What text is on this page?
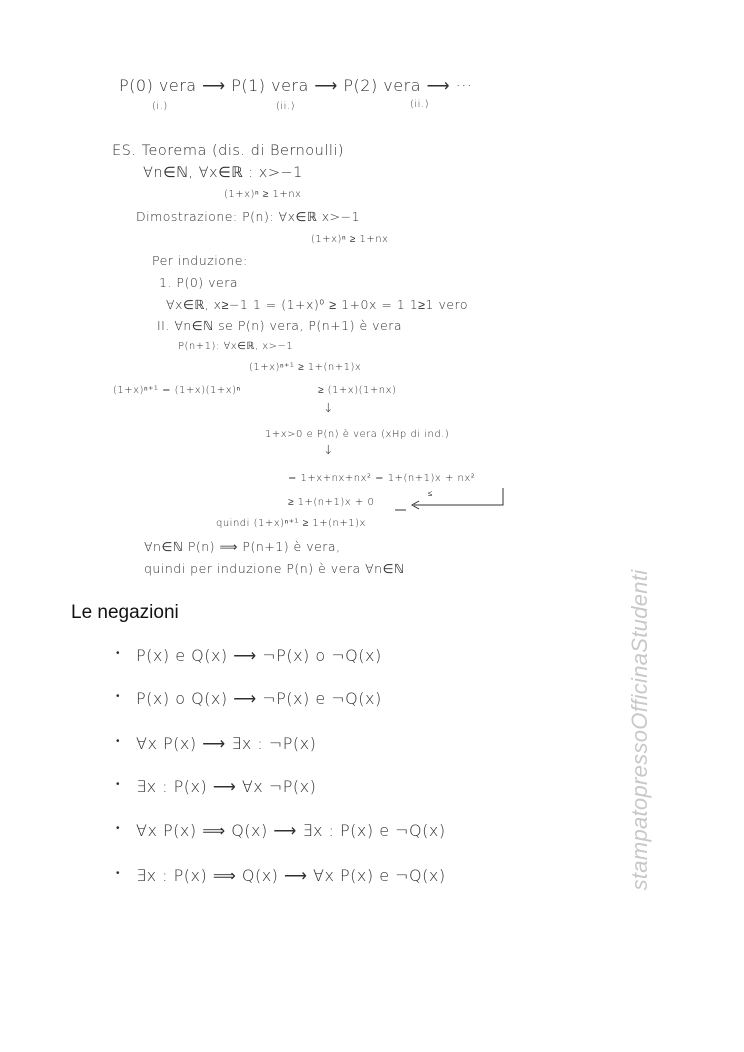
P(0) vera ⟶ P(1) vera ⟶ P(2) vera ⟶ ···
(i.)	(ii.)	(ii.)
ES. Teorema (dis. di Bernoulli)
∀n∈ℕ, ∀x∈ℝ : x>−1
(1+x)ⁿ ≥ 1+nx
Dimostrazione: P(n): ∀x∈ℝ x>−1
(1+x)ⁿ ≥ 1+nx
Per induzione:
1. P(0) vera
∀x∈ℝ, x≥−1 1 = (1+x)⁰ ≥ 1+0x = 1 1≥1 vero
II. ∀n∈ℕ se P(n) vera, P(n+1) è vera
P(n+1): ∀x∈ℝ, x>−1
(1+x)ⁿ⁺¹ ≥ 1+(n+1)x
(1+x)ⁿ⁺¹ = (1+x)(1+x)ⁿ	≥ (1+x)(1+nx)
↓
1+x>0 e P(n) è vera (xHp di ind.)
↓
= 1+x+nx+nx² = 1+(n+1)x + nx²
≥ 1+(n+1)x + 0
≤
quindi (1+x)ⁿ⁺¹ ≥ 1+(n+1)x
∀n∈ℕ P(n) ⟹ P(n+1) è vera,
quindi per induzione P(n) è vera ∀n∈ℕ
Le negazioni
• P(x) e Q(x) ⟶ ¬P(x) o ¬Q(x)
• P(x) o Q(x) ⟶ ¬P(x) e ¬Q(x)
• ∀x P(x) ⟶ ∃x : ¬P(x)
• ∃x : P(x) ⟶ ∀x ¬P(x)
• ∀x P(x) ⟹ Q(x) ⟶ ∃x : P(x) e ¬Q(x)
• ∃x : P(x) ⟹ Q(x) ⟶ ∀x P(x) e ¬Q(x)	stampatopressoOfficinaStudenti
